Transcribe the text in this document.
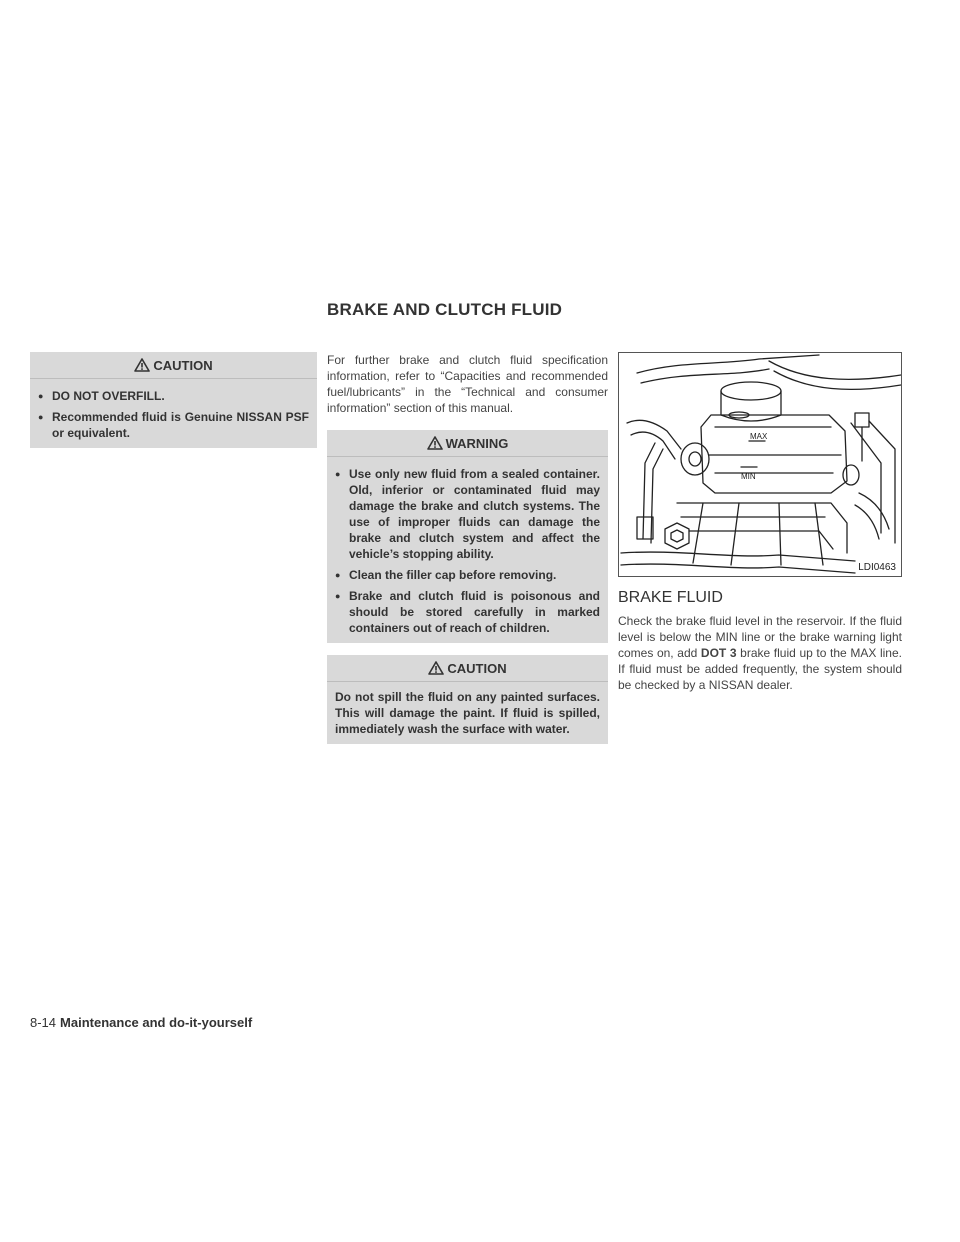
BRAKE AND CLUTCH FLUID
CAUTION
● DO NOT OVERFILL.
● Recommended fluid is Genuine NISSAN PSF or equivalent.

For further brake and clutch fluid specification information, refer to “Capacities and recommended fuel/lubricants” in the “Technical and consumer information” section of this manual.

WARNING
● Use only new fluid from a sealed container. Old, inferior or contaminated fluid may damage the brake and clutch systems. The use of improper fluids can damage the brake and clutch system and affect the vehicle’s stopping ability.
● Clean the filler cap before removing.
● Brake and clutch fluid is poisonous and should be stored carefully in marked containers out of reach of children.
CAUTION

Do not spill the fluid on any painted surfaces. This will damage the paint. If fluid is spilled, immediately wash the surface with water.

MAX
MIN
LDI0463
BRAKE FLUID

Check the brake fluid level in the reservoir. If the fluid level is below the MIN line or the brake warning light comes on, add DOT 3 brake fluid up to the MAX line. If fluid must be added frequently, the system should be checked by a NISSAN dealer.

8-14 Maintenance and do-it-yourself
